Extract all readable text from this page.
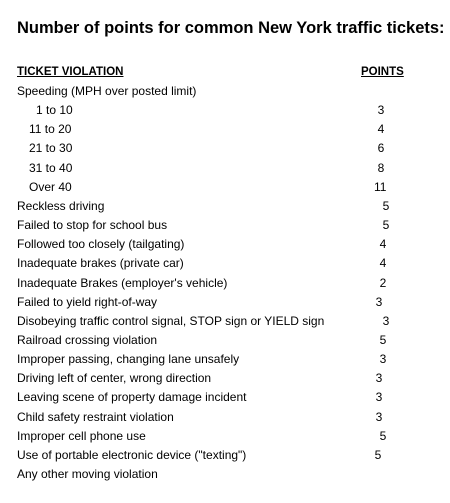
Number of points for common New York traffic tickets:
TICKET VIOLATION	POINTS
Speeding (MPH over posted limit)
1 to 10	3
11 to 20	4
21 to 30	6
31 to 40	8
Over 40	11
Reckless driving	5
Failed to stop for school bus	5
Followed too closely (tailgating)	4
Inadequate brakes (private car)	4
Inadequate Brakes (employer's vehicle)	2
Failed to yield right-of-way	3
Disobeying traffic control signal, STOP sign or YIELD sign	3
Railroad crossing violation	5
Improper passing, changing lane unsafely	3
Driving left of center, wrong direction	3
Leaving scene of property damage incident	3
Child safety restraint violation	3
Improper cell phone use	5
Use of portable electronic device ("texting")	5
Any other moving violation
